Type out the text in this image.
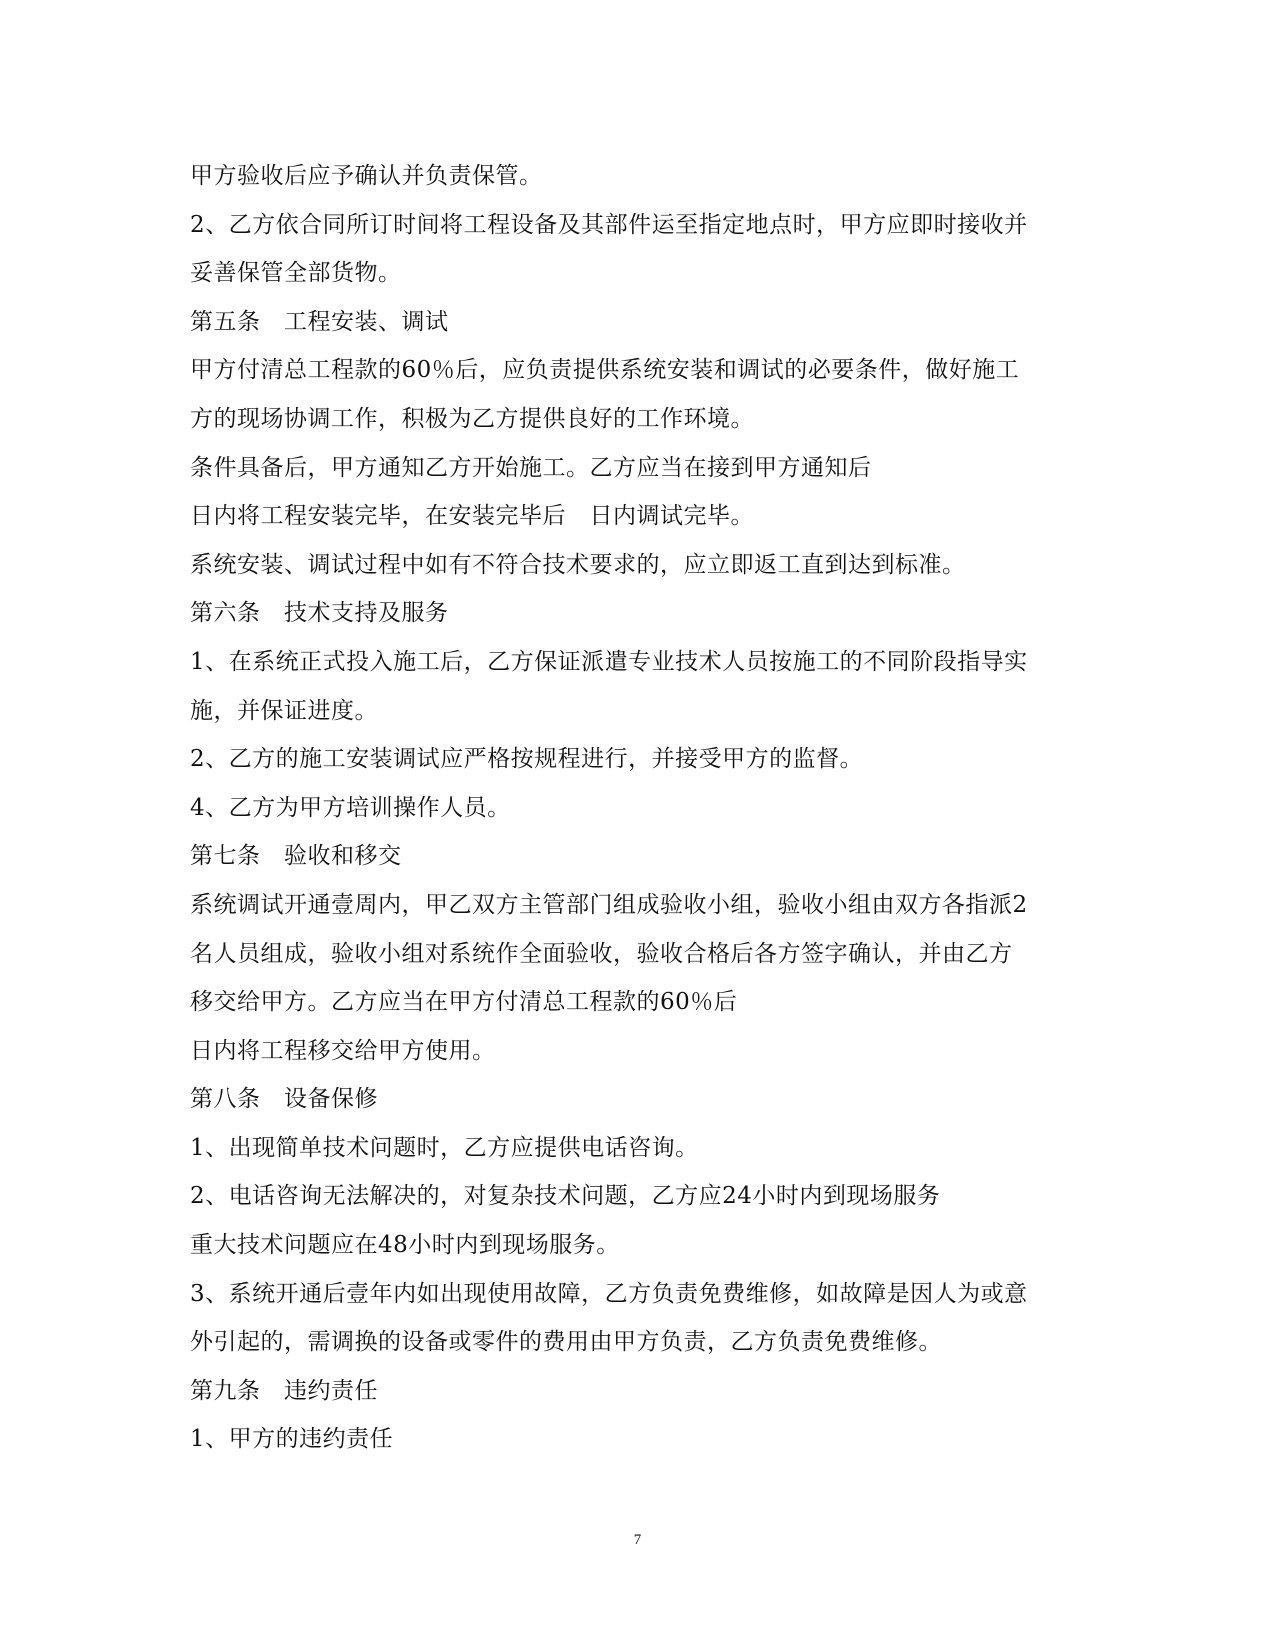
甲方验收后应予确认并负责保管。
2、乙方依合同所订时间将工程设备及其部件运至指定地点时，甲方应即时接收并
妥善保管全部货物。
第五条　工程安装、调试
甲方付清总工程款的60％后，应负责提供系统安装和调试的必要条件，做好施工
方的现场协调工作，积极为乙方提供良好的工作环境。
条件具备后，甲方通知乙方开始施工。乙方应当在接到甲方通知后
日内将工程安装完毕，在安装完毕后　日内调试完毕。
系统安装、调试过程中如有不符合技术要求的，应立即返工直到达到标准。
第六条　技术支持及服务
1、在系统正式投入施工后，乙方保证派遣专业技术人员按施工的不同阶段指导实
施，并保证进度。
2、乙方的施工安装调试应严格按规程进行，并接受甲方的监督。
4、乙方为甲方培训操作人员。
第七条　验收和移交
系统调试开通壹周内，甲乙双方主管部门组成验收小组，验收小组由双方各指派2
名人员组成，验收小组对系统作全面验收，验收合格后各方签字确认，并由乙方
移交给甲方。乙方应当在甲方付清总工程款的60％后
日内将工程移交给甲方使用。
第八条　设备保修
1、出现简单技术问题时，乙方应提供电话咨询。
2、电话咨询无法解决的，对复杂技术问题，乙方应24小时内到现场服务
重大技术问题应在48小时内到现场服务。
3、系统开通后壹年内如出现使用故障，乙方负责免费维修，如故障是因人为或意
外引起的，需调换的设备或零件的费用由甲方负责，乙方负责免费维修。
第九条　违约责任
1、甲方的违约责任
7
